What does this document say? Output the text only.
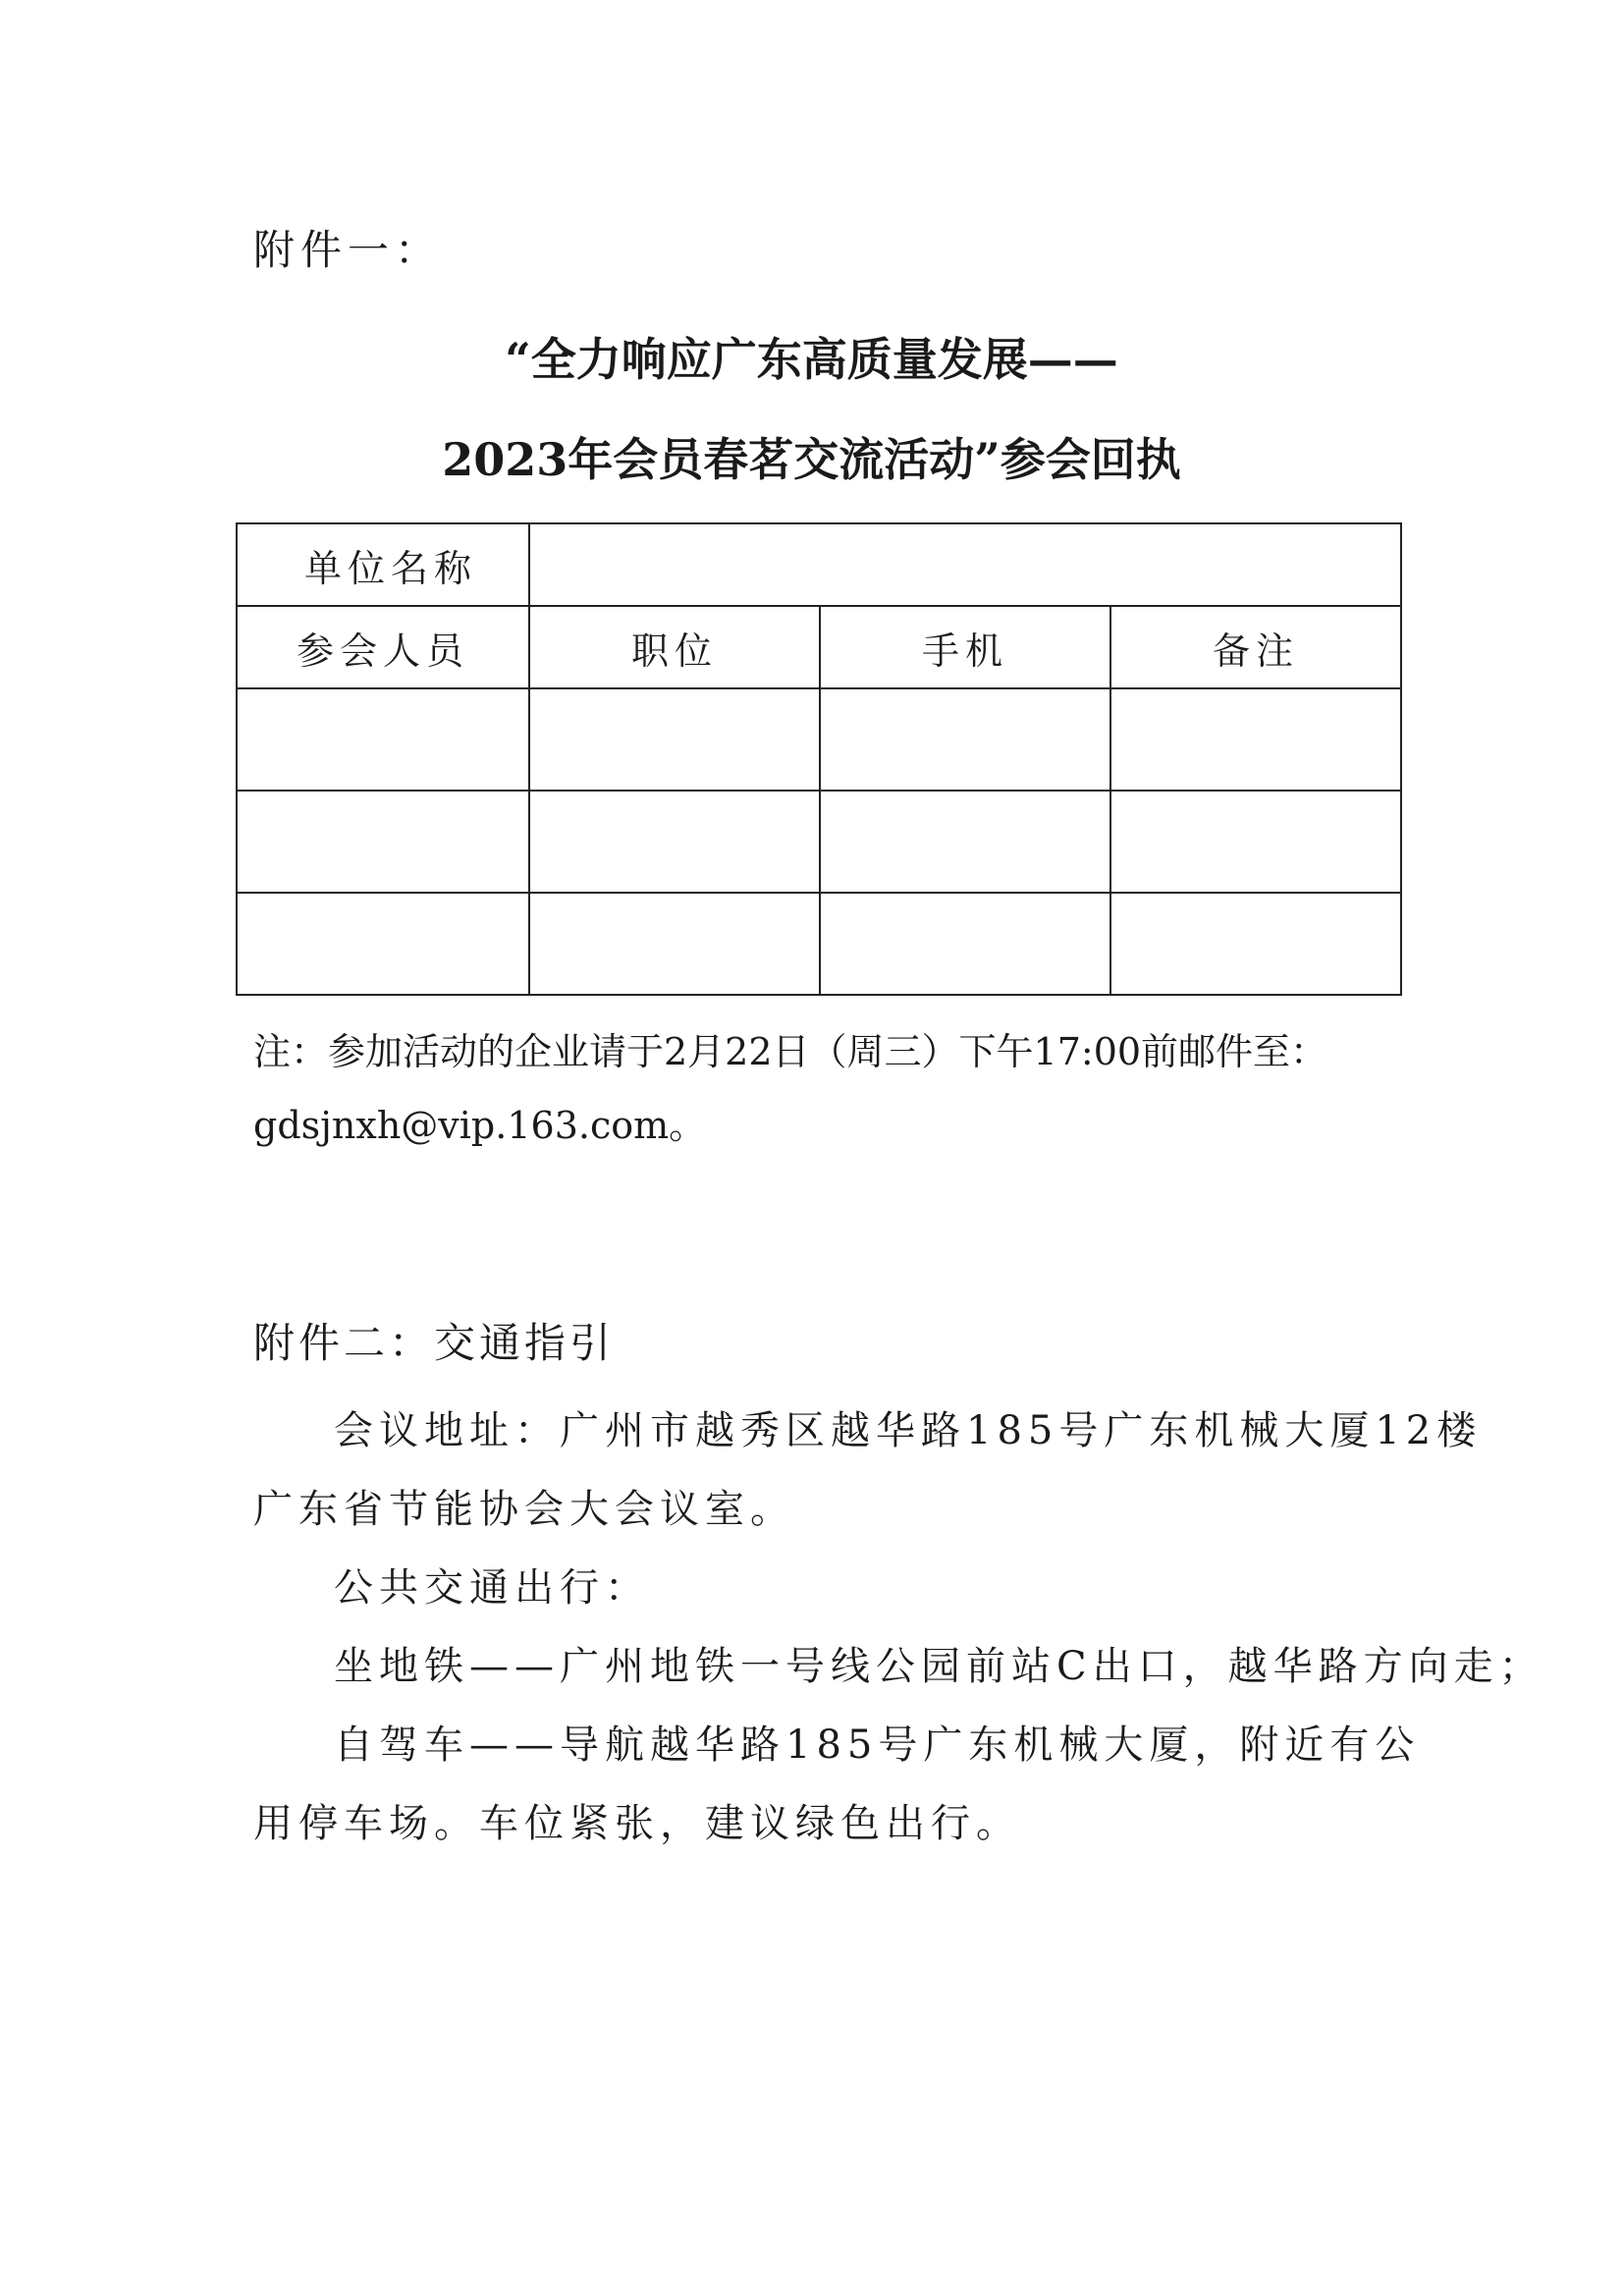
附件一：
“全力响应广东高质量发展——
2023年会员春茗交流活动”参会回执
单位名称			
参会人员	职位	手机	备注

注：参加活动的企业请于2月22日（周三）下午17:00前邮件至：
gdsjnxh@vip.163.com。
附件二：交通指引
会议地址：广州市越秀区越华路185号广东机械大厦12楼
广东省节能协会大会议室。
公共交通出行：
坐地铁——广州地铁一号线公园前站C出口，越华路方向走；
自驾车——导航越华路185号广东机械大厦，附近有公
用停车场。车位紧张，建议绿色出行。
